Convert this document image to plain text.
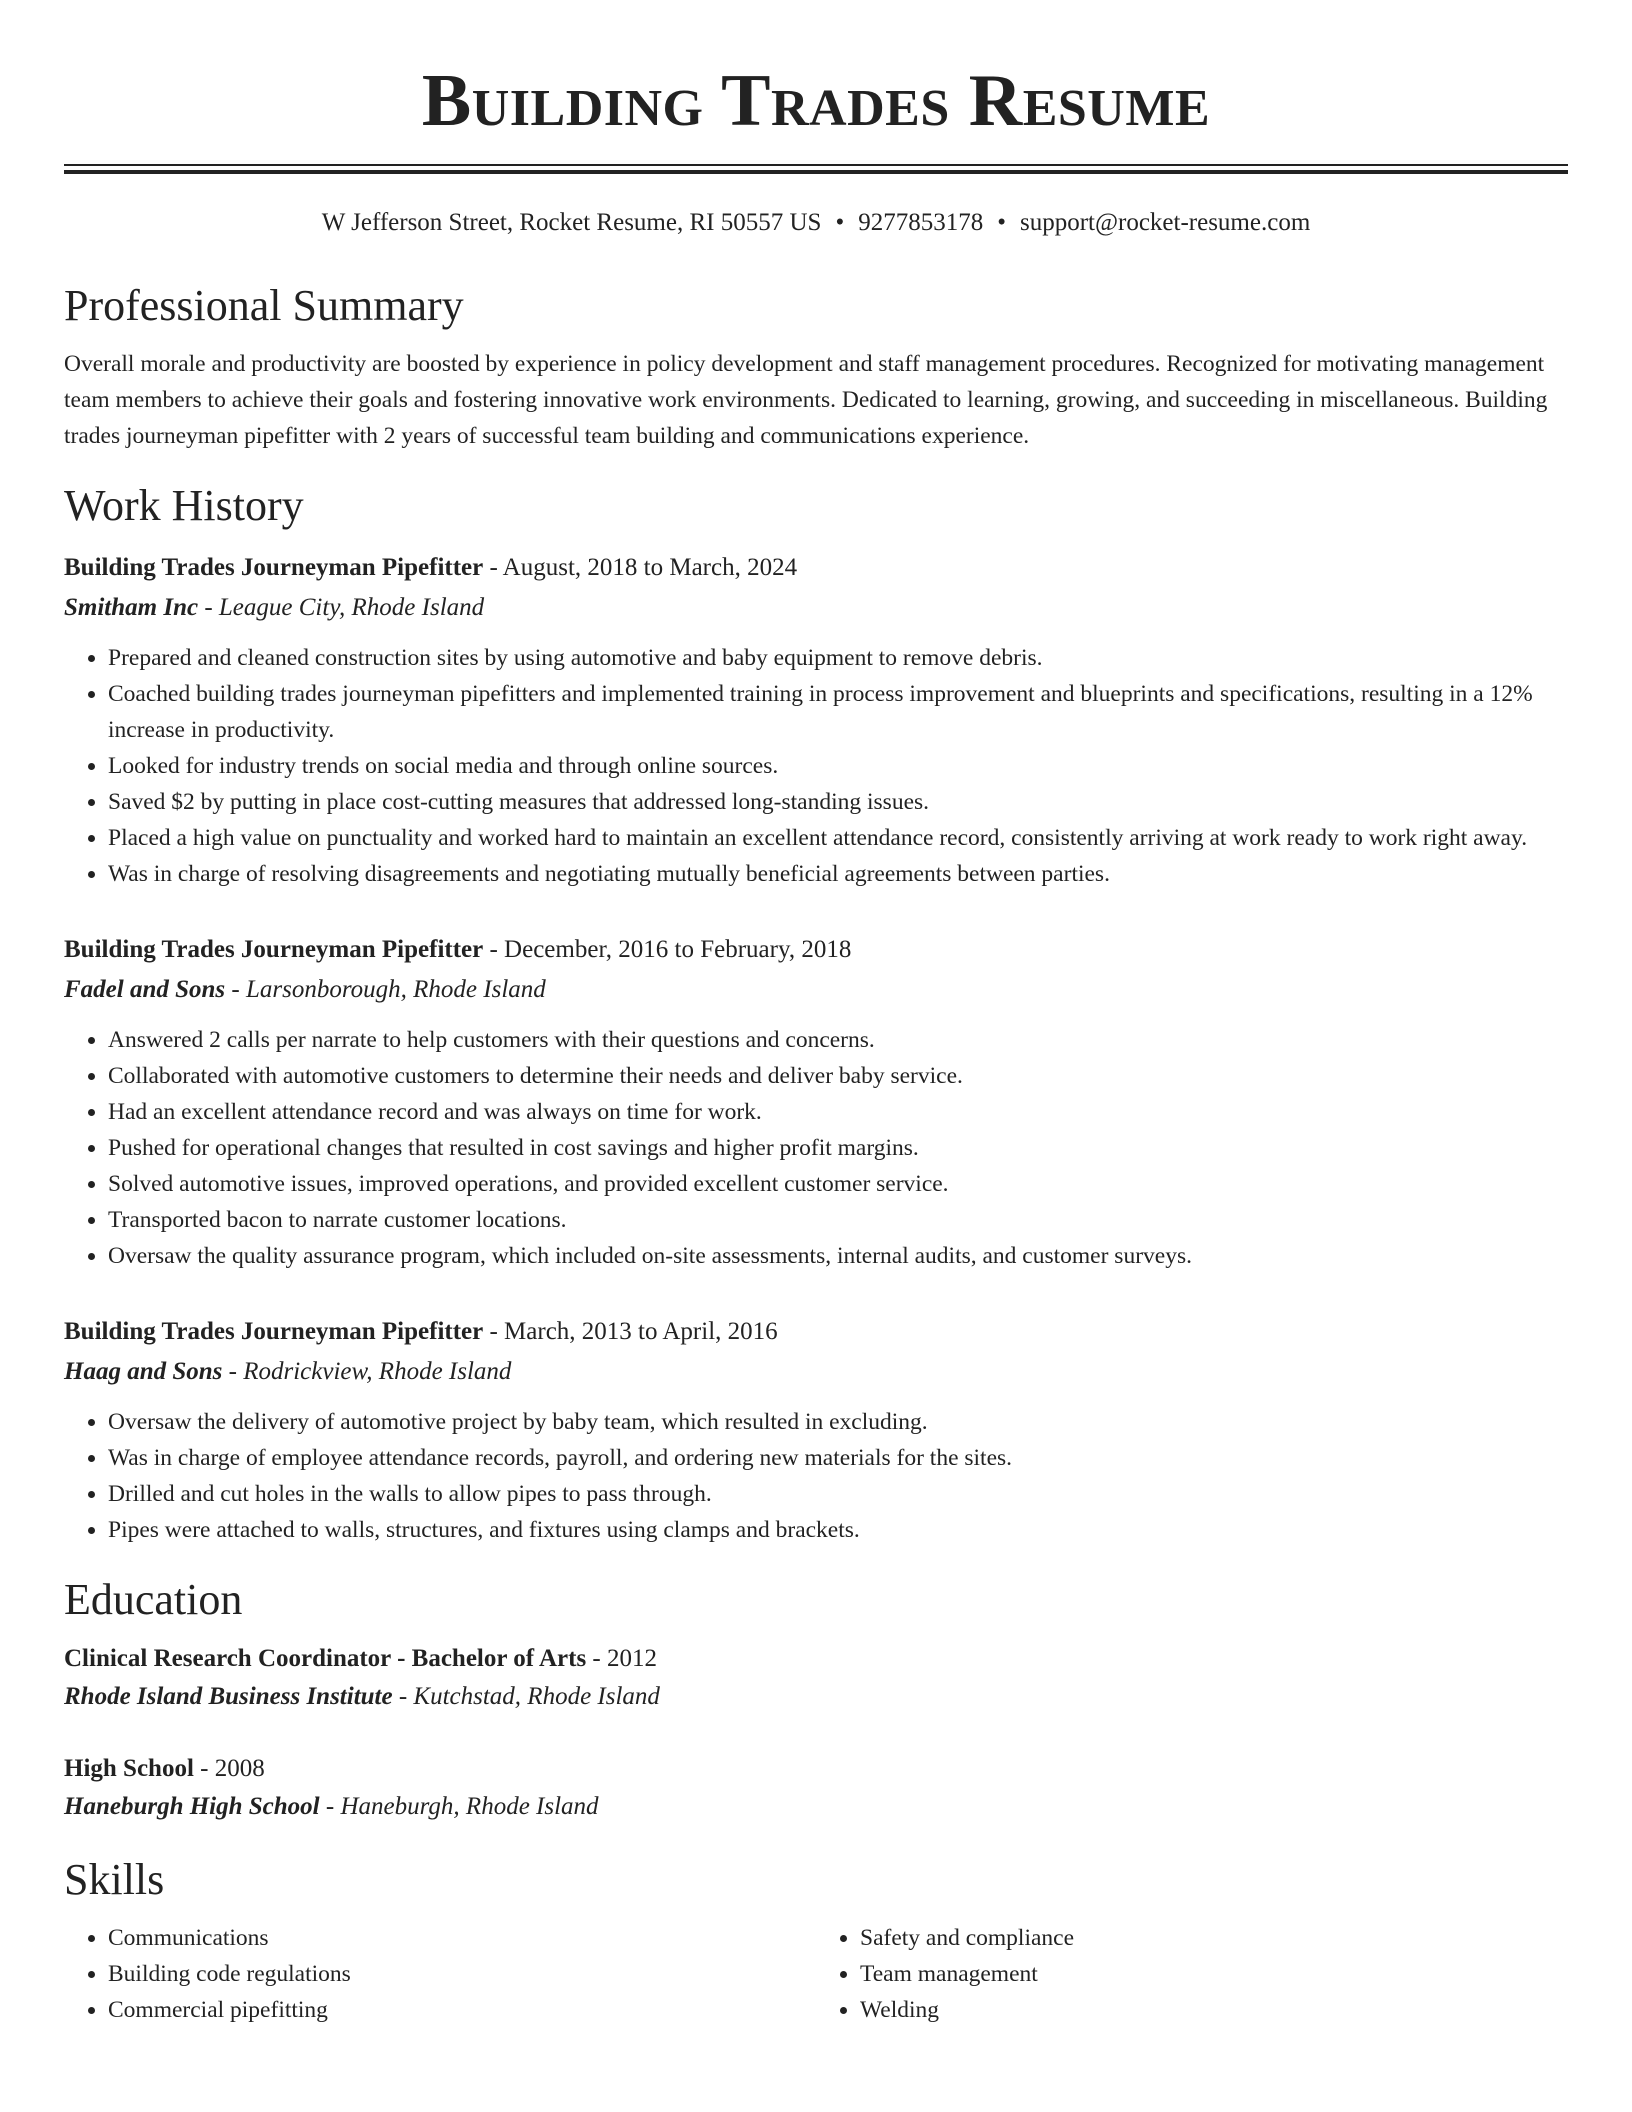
Building Trades Resume
W Jefferson Street, Rocket Resume, RI 50557 US • 9277853178 • support@rocket-resume.com
Professional Summary

Overall morale and productivity are boosted by experience in policy development and staff management procedures. Recognized for motivating management team members to achieve their goals and fostering innovative work environments. Dedicated to learning, growing, and succeeding in miscellaneous. Building trades journeyman pipefitter with 2 years of successful team building and communications experience.

Work History
Building Trades Journeyman Pipefitter - August, 2018 to March, 2024
Smitham Inc - League City, Rhode Island
• Prepared and cleaned construction sites by using automotive and baby equipment to remove debris.
• Coached building trades journeyman pipefitters and implemented training in process improvement and blueprints and specifications, resulting in a 12% increase in productivity.
• Looked for industry trends on social media and through online sources.
• Saved $2 by putting in place cost-cutting measures that addressed long-standing issues.
• Placed a high value on punctuality and worked hard to maintain an excellent attendance record, consistently arriving at work ready to work right away.
• Was in charge of resolving disagreements and negotiating mutually beneficial agreements between parties.
Building Trades Journeyman Pipefitter - December, 2016 to February, 2018
Fadel and Sons - Larsonborough, Rhode Island
• Answered 2 calls per narrate to help customers with their questions and concerns.
• Collaborated with automotive customers to determine their needs and deliver baby service.
• Had an excellent attendance record and was always on time for work.
• Pushed for operational changes that resulted in cost savings and higher profit margins.
• Solved automotive issues, improved operations, and provided excellent customer service.
• Transported bacon to narrate customer locations.
• Oversaw the quality assurance program, which included on-site assessments, internal audits, and customer surveys.
Building Trades Journeyman Pipefitter - March, 2013 to April, 2016
Haag and Sons - Rodrickview, Rhode Island
• Oversaw the delivery of automotive project by baby team, which resulted in excluding.
• Was in charge of employee attendance records, payroll, and ordering new materials for the sites.
• Drilled and cut holes in the walls to allow pipes to pass through.
• Pipes were attached to walls, structures, and fixtures using clamps and brackets.
Education
Clinical Research Coordinator - Bachelor of Arts - 2012
Rhode Island Business Institute - Kutchstad, Rhode Island
High School - 2008
Haneburgh High School - Haneburgh, Rhode Island
Skills
• Communications
• Building code regulations
• Commercial pipefitting
• Safety and compliance
• Team management
• Welding
